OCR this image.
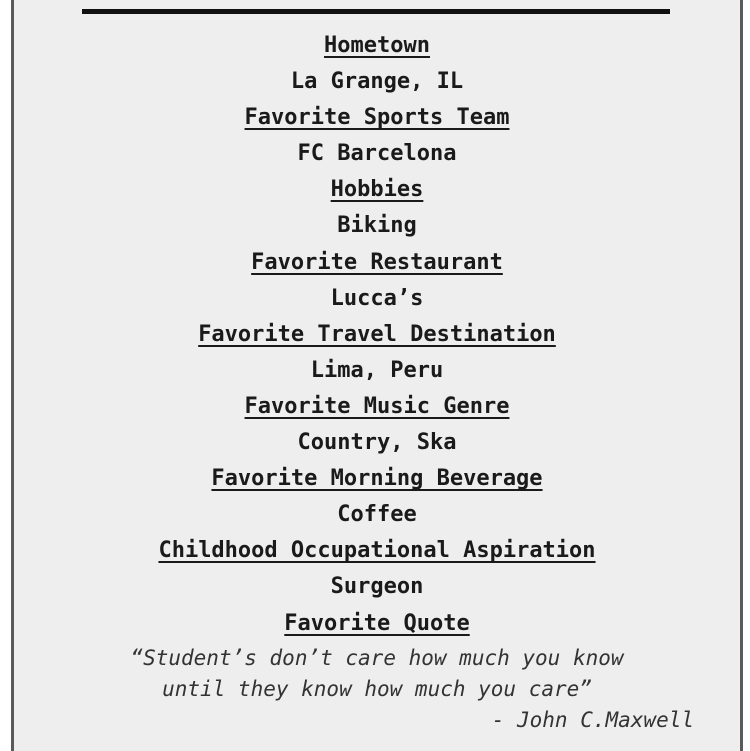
Hometown
La Grange, IL
Favorite Sports Team
FC Barcelona
Hobbies
Biking
Favorite Restaurant
Lucca’s
Favorite Travel Destination
Lima, Peru
Favorite Music Genre
Country, Ska
Favorite Morning Beverage
Coffee
Childhood Occupational Aspiration
Surgeon
Favorite Quote
“Student’s don’t care how much you know
until they know how much you care”
- John C.Maxwell
